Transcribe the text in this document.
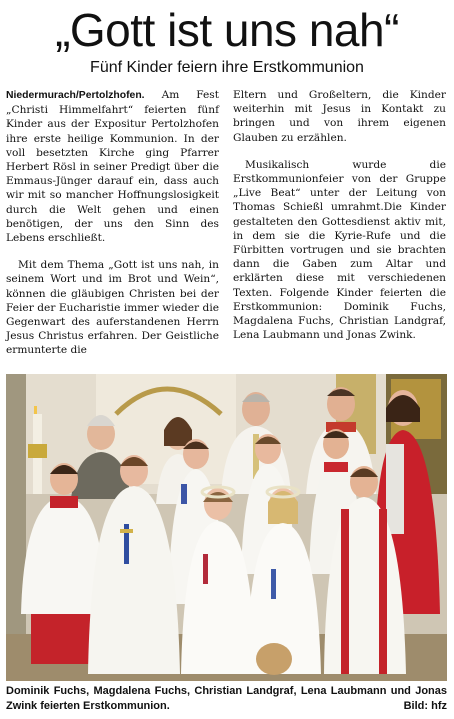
„Gott ist uns nah“
Fünf Kinder feiern ihre Erstkommunion

Niedermurach/Pertolzhofen. Am Fest „Christi Himmelfahrt“ feierten fünf Kinder aus der Expositur Pertolzhofen ihre erste heilige Kommunion. In der voll besetzten Kirche ging Pfarrer Herbert Rösl in seiner Predigt über die Emmaus-Jünger darauf ein, dass auch wir mit so mancher Hoffnungslosigkeit durch die Welt gehen und einen benötigen, der uns den Sinn des Lebens erschließt.

Mit dem Thema „Gott ist uns nah, in seinem Wort und im Brot und Wein“, können die gläubigen Christen bei der Feier der Eucharistie immer wieder die Gegenwart des auferstandenen Herrn Jesus Christus erfahren. Der Geistliche ermunterte die

Eltern und Großeltern, die Kinder weiterhin mit Jesus in Kontakt zu bringen und von ihrem eigenen Glauben zu erzählen.

Musikalisch wurde die Erstkommunionfeier von der Gruppe „Live Beat“ unter der Leitung von Thomas Schießl umrahmt.Die Kinder gestalteten den Gottesdienst aktiv mit, in dem sie die Kyrie-Rufe und die Fürbitten vortrugen und sie brachten dann die Gaben zum Altar und erklärten diese mit verschiedenen Texten. Folgende Kinder feierten die Erstkommunion: Dominik Fuchs, Magdalena Fuchs, Christian Landgraf, Lena Laubmann und Jonas Zwink.

Dominik Fuchs, Magdalena Fuchs, Christian Landgraf, Lena Laubmann und Jonas Zwink feierten Erstkommunion.	Bild: hfz
